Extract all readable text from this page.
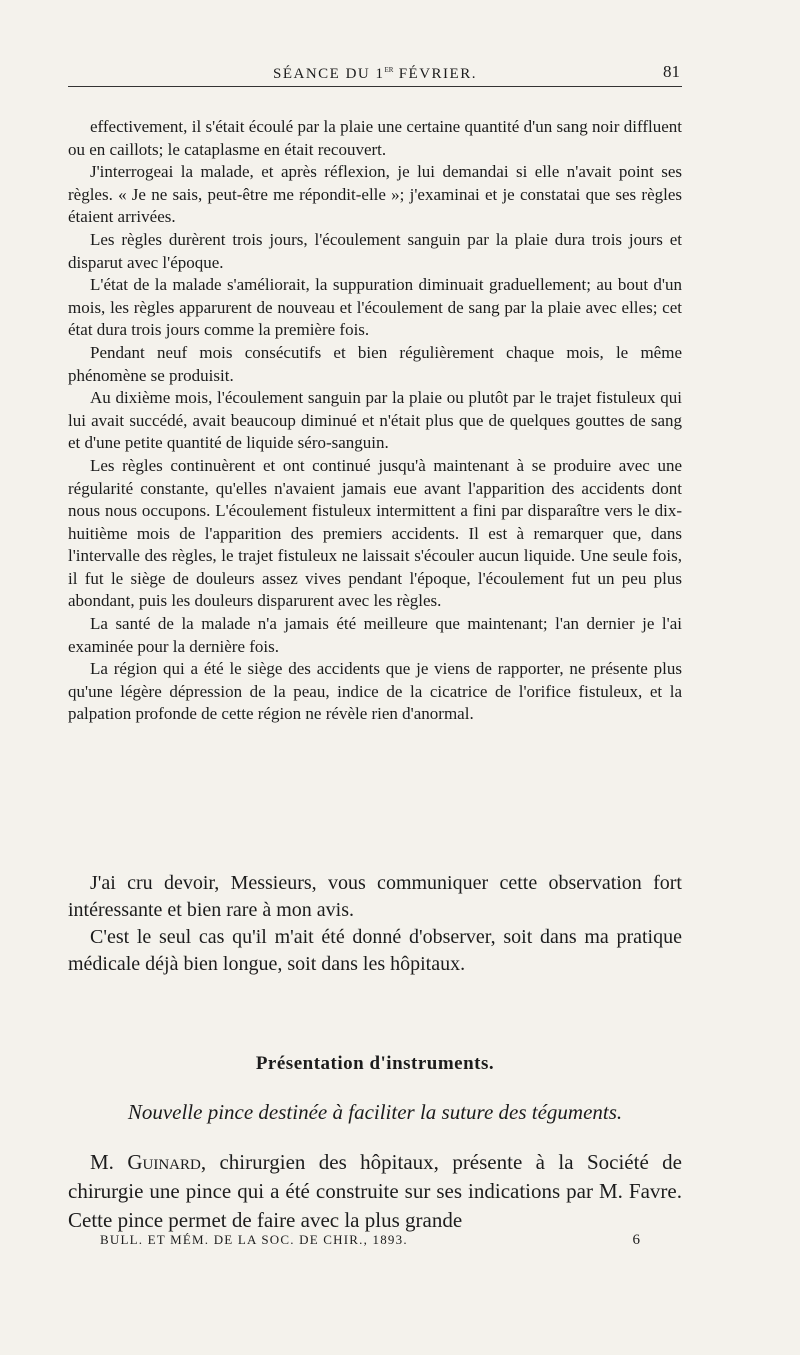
SÉANCE DU 1er FÉVRIER.	81

effectivement, il s'était écoulé par la plaie une certaine quantité d'un sang noir diffluent ou en caillots; le cataplasme en était recouvert.

J'interrogeai la malade, et après réflexion, je lui demandai si elle n'avait point ses règles. « Je ne sais, peut-être me répondit-elle »; j'examinai et je constatai que ses règles étaient arrivées.

Les règles durèrent trois jours, l'écoulement sanguin par la plaie dura trois jours et disparut avec l'époque.

L'état de la malade s'améliorait, la suppuration diminuait graduellement; au bout d'un mois, les règles apparurent de nouveau et l'écoulement de sang par la plaie avec elles; cet état dura trois jours comme la première fois.

Pendant neuf mois consécutifs et bien régulièrement chaque mois, le même phénomène se produisit.

Au dixième mois, l'écoulement sanguin par la plaie ou plutôt par le trajet fistuleux qui lui avait succédé, avait beaucoup diminué et n'était plus que de quelques gouttes de sang et d'une petite quantité de liquide séro-sanguin.

Les règles continuèrent et ont continué jusqu'à maintenant à se produire avec une régularité constante, qu'elles n'avaient jamais eue avant l'apparition des accidents dont nous nous occupons. L'écoulement fistuleux intermittent a fini par disparaître vers le dix-huitième mois de l'apparition des premiers accidents. Il est à remarquer que, dans l'intervalle des règles, le trajet fistuleux ne laissait s'écouler aucun liquide. Une seule fois, il fut le siège de douleurs assez vives pendant l'époque, l'écoulement fut un peu plus abondant, puis les douleurs disparurent avec les règles.

La santé de la malade n'a jamais été meilleure que maintenant; l'an dernier je l'ai examinée pour la dernière fois.

La région qui a été le siège des accidents que je viens de rapporter, ne présente plus qu'une légère dépression de la peau, indice de la cicatrice de l'orifice fistuleux, et la palpation profonde de cette région ne révèle rien d'anormal.

J'ai cru devoir, Messieurs, vous communiquer cette observation fort intéressante et bien rare à mon avis.

C'est le seul cas qu'il m'ait été donné d'observer, soit dans ma pratique médicale déjà bien longue, soit dans les hôpitaux.

Présentation d'instruments.
Nouvelle pince destinée à faciliter la suture des téguments.

M. Guinard, chirurgien des hôpitaux, présente à la Société de chirurgie une pince qui a été construite sur ses indications par M. Favre. Cette pince permet de faire avec la plus grande

BULL. ET MÉM. DE LA SOC. DE CHIR., 1893.	6
